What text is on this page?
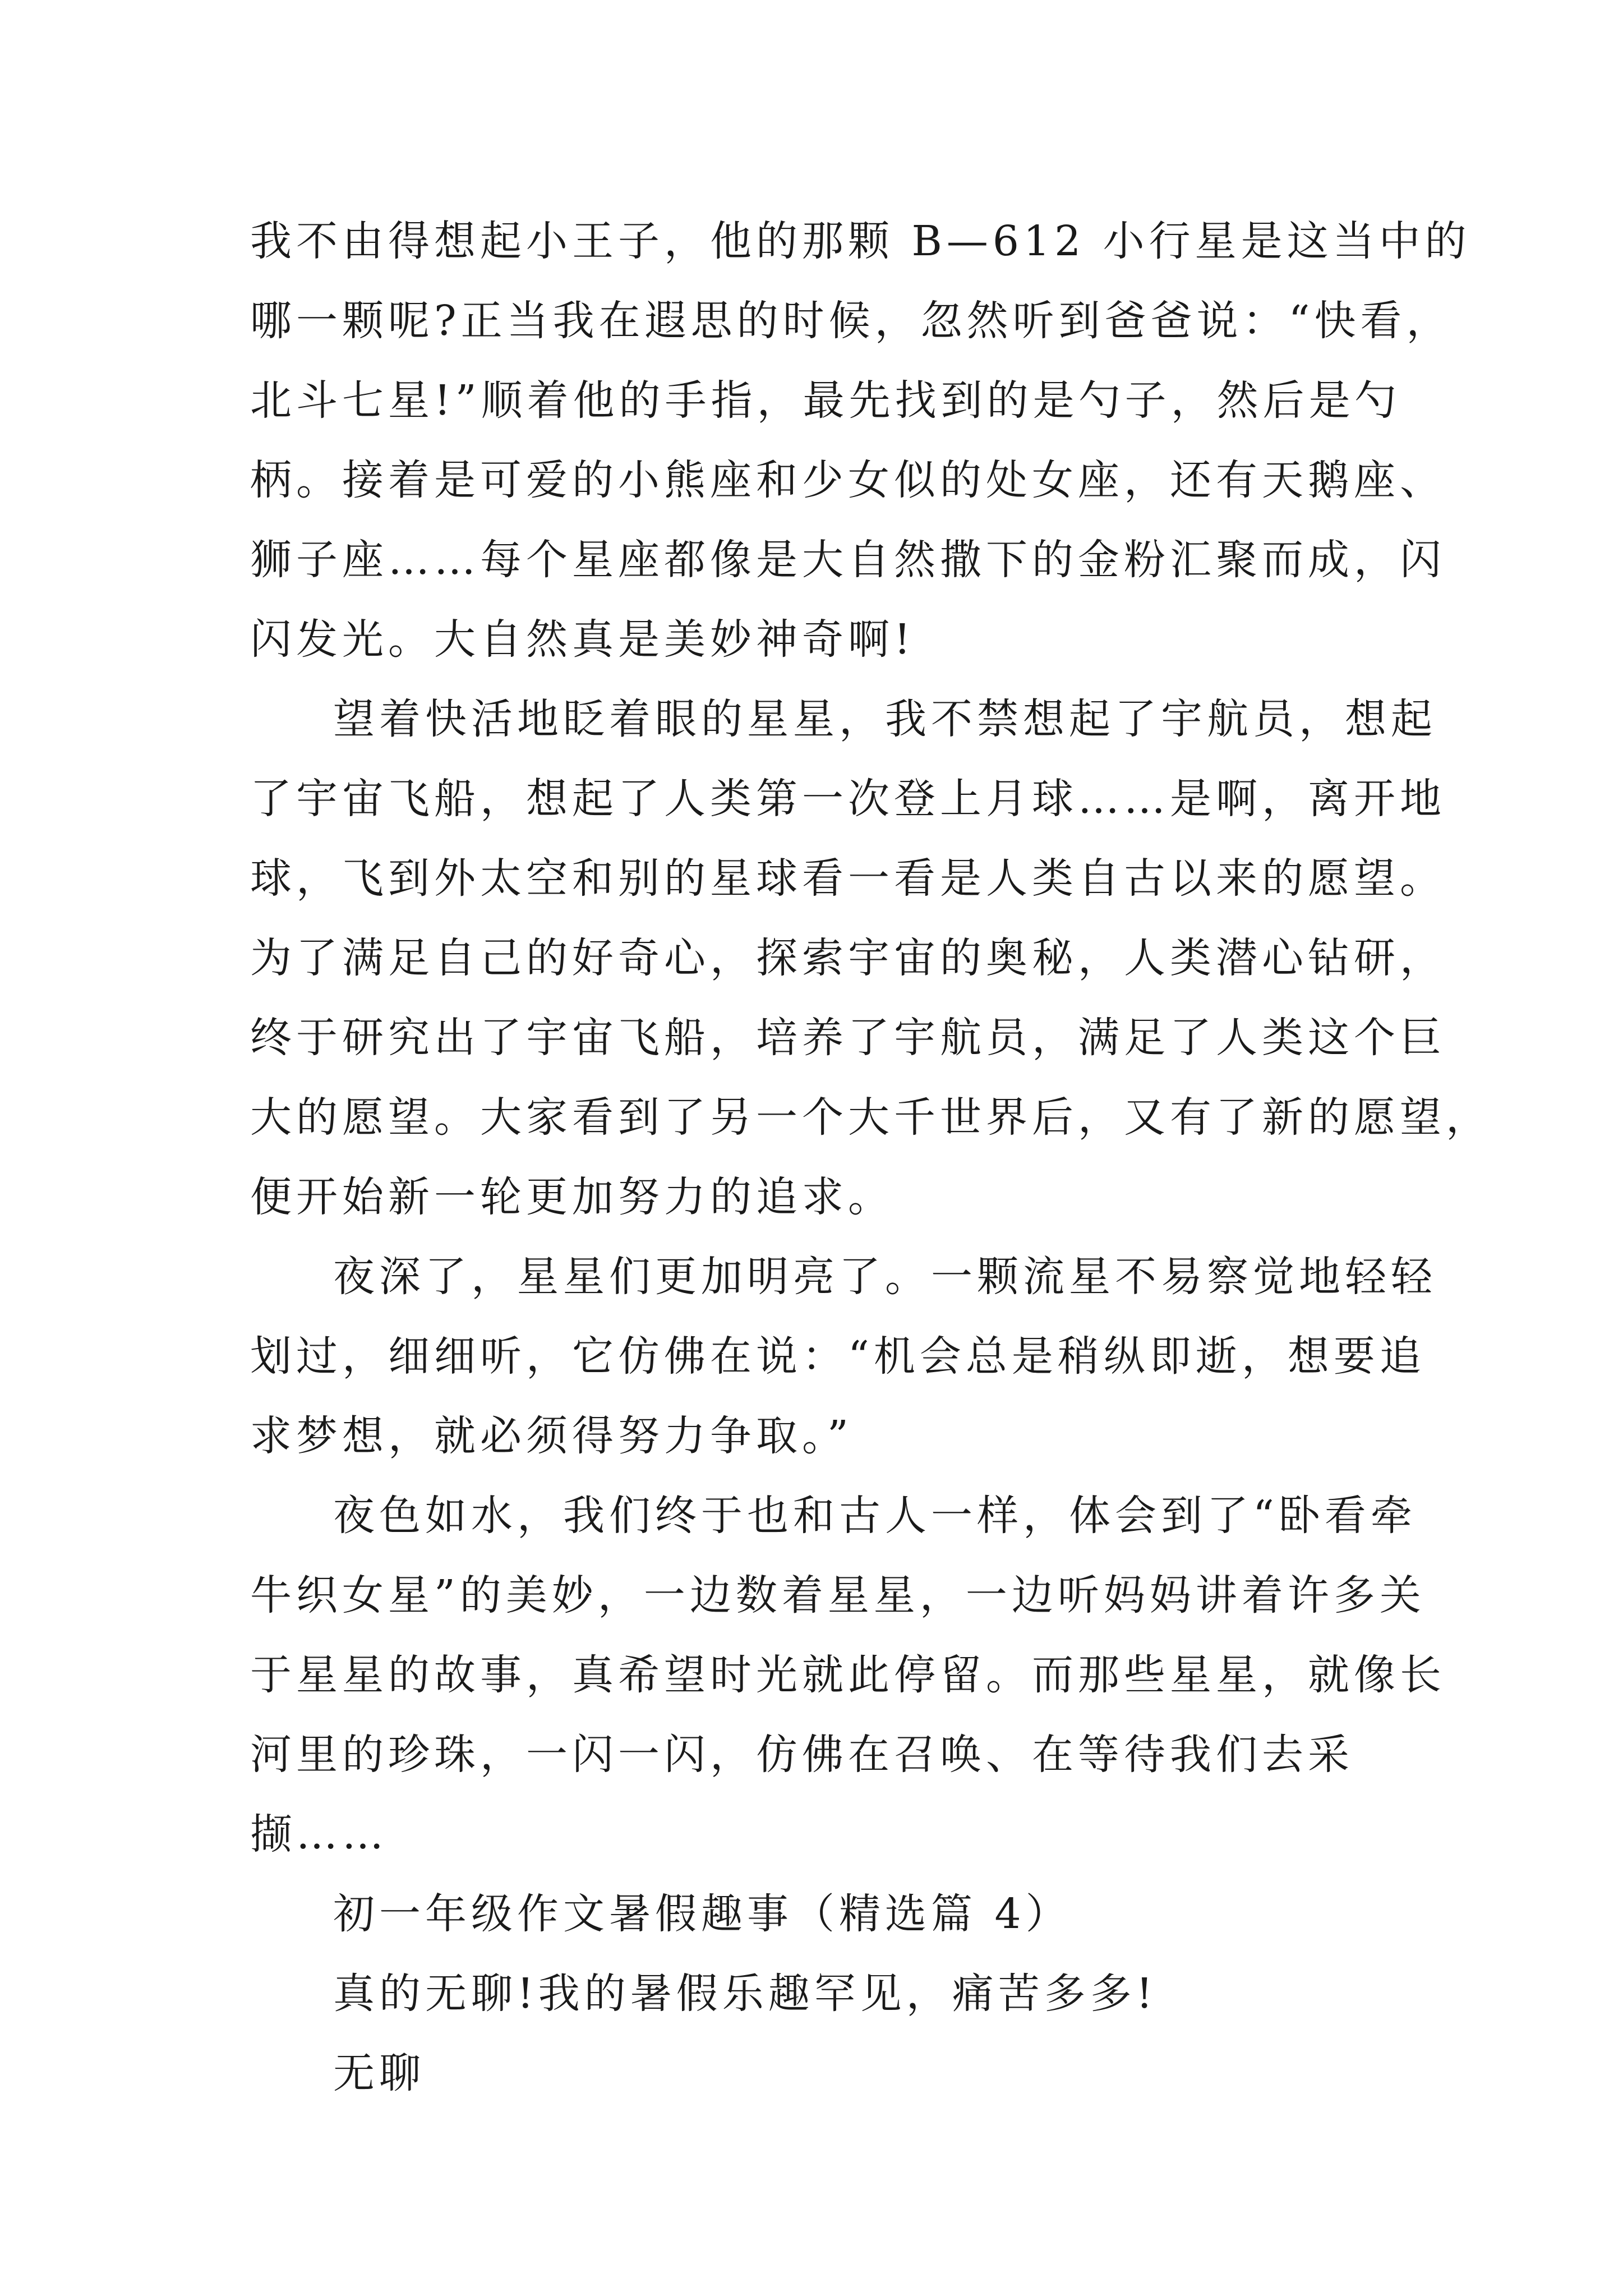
我不由得想起小王子，他的那颗 B—612 小行星是这当中的
哪一颗呢?正当我在遐思的时候，忽然听到爸爸说：“快看，
北斗七星!”顺着他的手指，最先找到的是勺子，然后是勺
柄。接着是可爱的小熊座和少女似的处女座，还有天鹅座、
狮子座……每个星座都像是大自然撒下的金粉汇聚而成，闪
闪发光。大自然真是美妙神奇啊!
望着快活地眨着眼的星星，我不禁想起了宇航员，想起
了宇宙飞船，想起了人类第一次登上月球……是啊，离开地
球，飞到外太空和别的星球看一看是人类自古以来的愿望。
为了满足自己的好奇心，探索宇宙的奥秘，人类潜心钻研，
终于研究出了宇宙飞船，培养了宇航员，满足了人类这个巨
大的愿望。大家看到了另一个大千世界后，又有了新的愿望，
便开始新一轮更加努力的追求。
夜深了，星星们更加明亮了。一颗流星不易察觉地轻轻
划过，细细听，它仿佛在说：“机会总是稍纵即逝，想要追
求梦想，就必须得努力争取。”
夜色如水，我们终于也和古人一样，体会到了“卧看牵
牛织女星”的美妙，一边数着星星，一边听妈妈讲着许多关
于星星的故事，真希望时光就此停留。而那些星星，就像长
河里的珍珠，一闪一闪，仿佛在召唤、在等待我们去采
撷……
初一年级作文暑假趣事（精选篇 4）
真的无聊!我的暑假乐趣罕见，痛苦多多!
无聊
